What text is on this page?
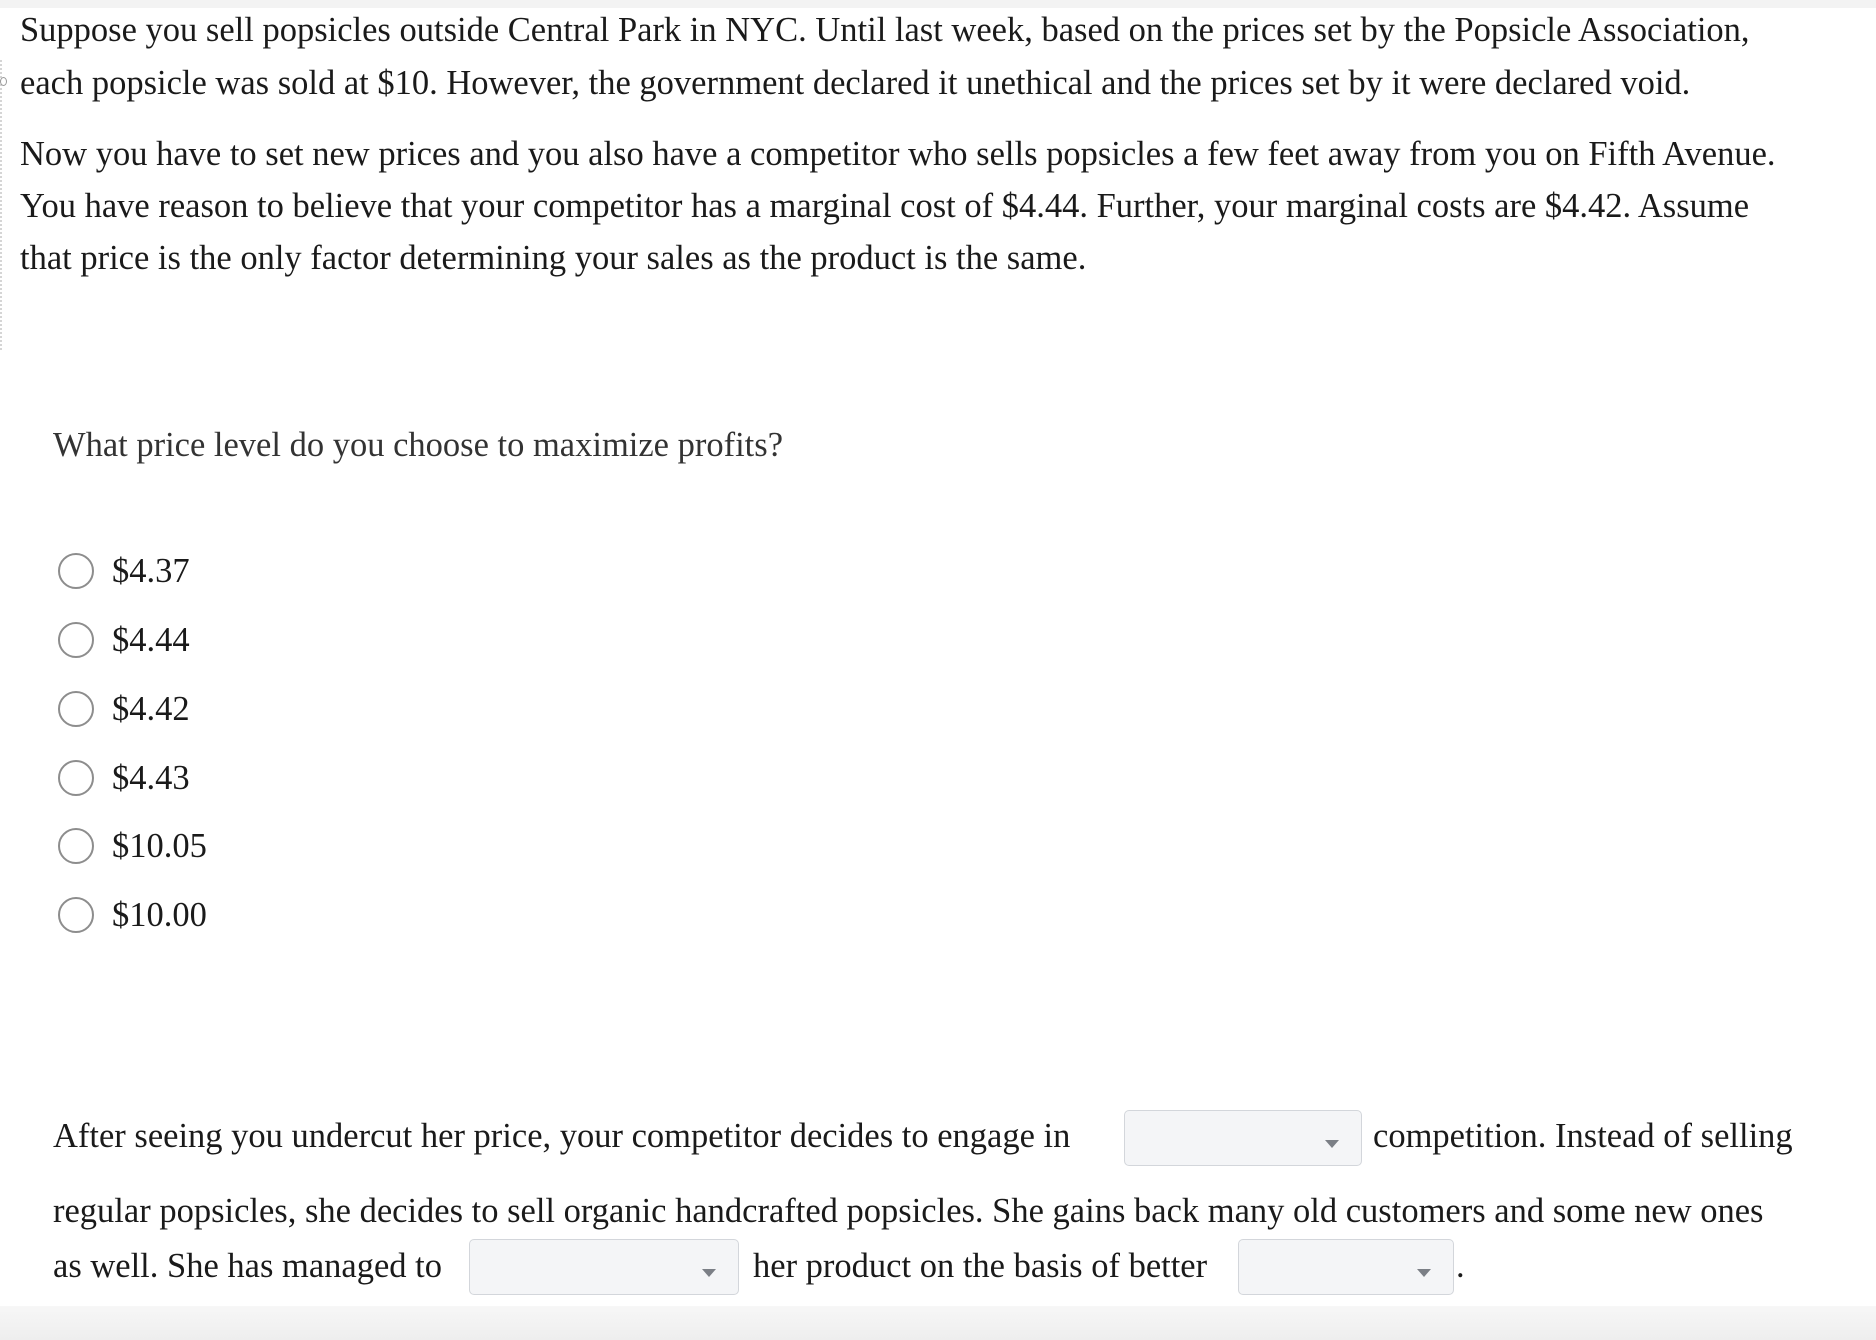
Suppose you sell popsicles outside Central Park in NYC. Until last week, based on the prices set by the Popsicle Association,

each popsicle was sold at $10. However, the government declared it unethical and the prices set by it were declared void.

Now you have to set new prices and you also have a competitor who sells popsicles a few feet away from you on Fifth Avenue.

You have reason to believe that your competitor has a marginal cost of $4.44. Further, your marginal costs are $4.42. Assume

that price is the only factor determining your sales as the product is the same.

What price level do you choose to maximize profits?

$4.37
$4.44
$4.42
$4.43
$10.05
$10.00
After seeing you undercut her price, your competitor decides to engage in	competition. Instead of selling
regular popsicles, she decides to sell organic handcrafted popsicles. She gains back many old customers and some new ones
as well. She has managed to	her product on the basis of better	.
